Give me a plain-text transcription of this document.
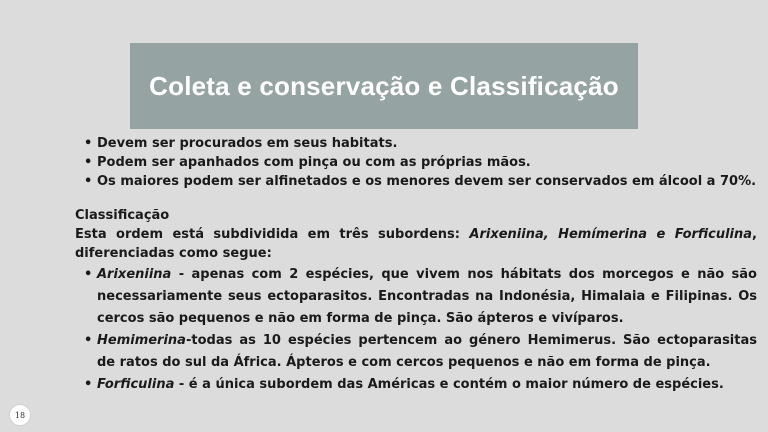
Coleta e conservação e Classificação
• Devem ser procurados em seus habitats.
• Podem ser apanhados com pinça ou com as próprias mãos.
• Os maiores podem ser alfinetados e os menores devem ser conservados em álcool a 70%.
Classificação
Esta ordem está subdividida em três subordens: Arixeniina, Hemímerina e Forficulina, diferenciadas como segue:
• Arixeniina - apenas com 2 espécies, que vivem nos hábitats dos morcegos e não são necessariamente seus ectoparasitos. Encontradas na Indonésia, Himalaia e Filipinas. Os cercos são pequenos e não em forma de pinça. São ápteros e vivíparos.
• Hemimerina-todas as 10 espécies pertencem ao género Hemimerus. São ectoparasitas de ratos do sul da África. Ápteros e com cercos pequenos e não em forma de pinça.
• Forficulina - é a única subordem das Américas e contém o maior número de espécies.
18
